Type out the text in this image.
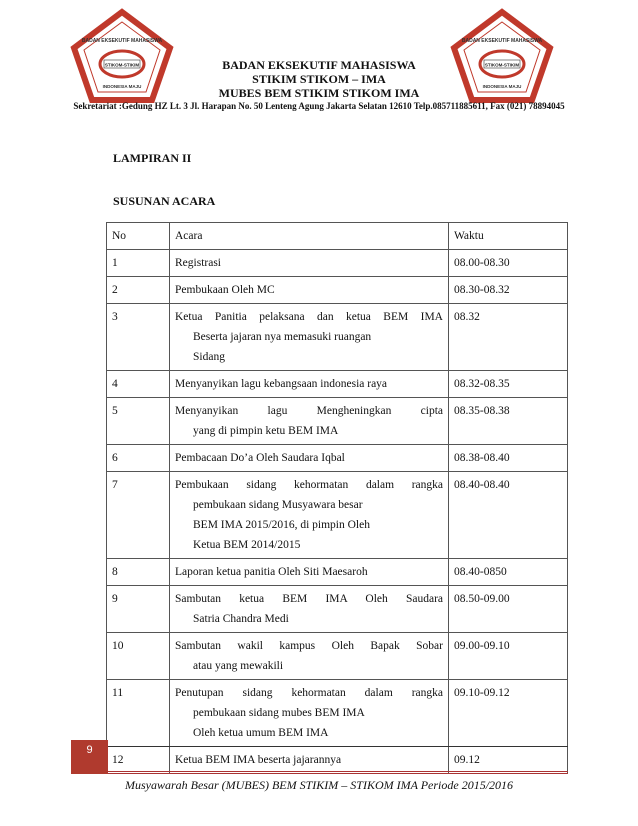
BADAN EKSEKUTIF MAHASISWA
STIKOM-STIKIM
INDONESIA MAJU
BADAN EKSEKUTIF MAHASISWA
STIKOM-STIKIM
INDONESIA MAJU
BADAN EKSEKUTIF MAHASISWA
STIKIM STIKOM – IMA
MUBES BEM STIKIM STIKOM IMA
Sekretariat :Gedung HZ Lt. 3 Jl. Harapan No. 50 Lenteng Agung Jakarta Selatan 12610 Telp.085711885611, Fax (021) 78894045
LAMPIRAN II
SUSUNAN ACARA
No	Acara	Waktu
1	Registrasi	08.00-08.30
2	Pembukaan Oleh MC	08.30-08.32
3	Ketua Panitia pelaksana dan ketua BEM IMA
Beserta jajaran nya memasuki ruangan
Sidang	08.32
4	Menyanyikan lagu kebangsaan indonesia raya	08.32-08.35
5	Menyanyikan lagu Mengheningkan cipta
yang di pimpin ketu BEM IMA	08.35-08.38
6	Pembacaan Do’a Oleh Saudara Iqbal	08.38-08.40
7	Pembukaan sidang kehormatan dalam rangka
pembukaan sidang Musyawara besar
BEM IMA 2015/2016, di pimpin Oleh
Ketua BEM 2014/2015	08.40-08.40
8	Laporan ketua panitia Oleh Siti Maesaroh	08.40-0850
9	Sambutan ketua BEM IMA Oleh Saudara
Satria Chandra Medi	08.50-09.00
10	Sambutan wakil kampus Oleh Bapak Sobar
atau yang mewakili	09.00-09.10
11	Penutupan sidang kehormatan dalam rangka
pembukaan sidang mubes BEM IMA
Oleh ketua umum BEM IMA	09.10-09.12
12	Ketua BEM IMA beserta jajarannya	09.12
9
Musyawarah Besar (MUBES) BEM STIKIM – STIKOM IMA Periode 2015/2016
